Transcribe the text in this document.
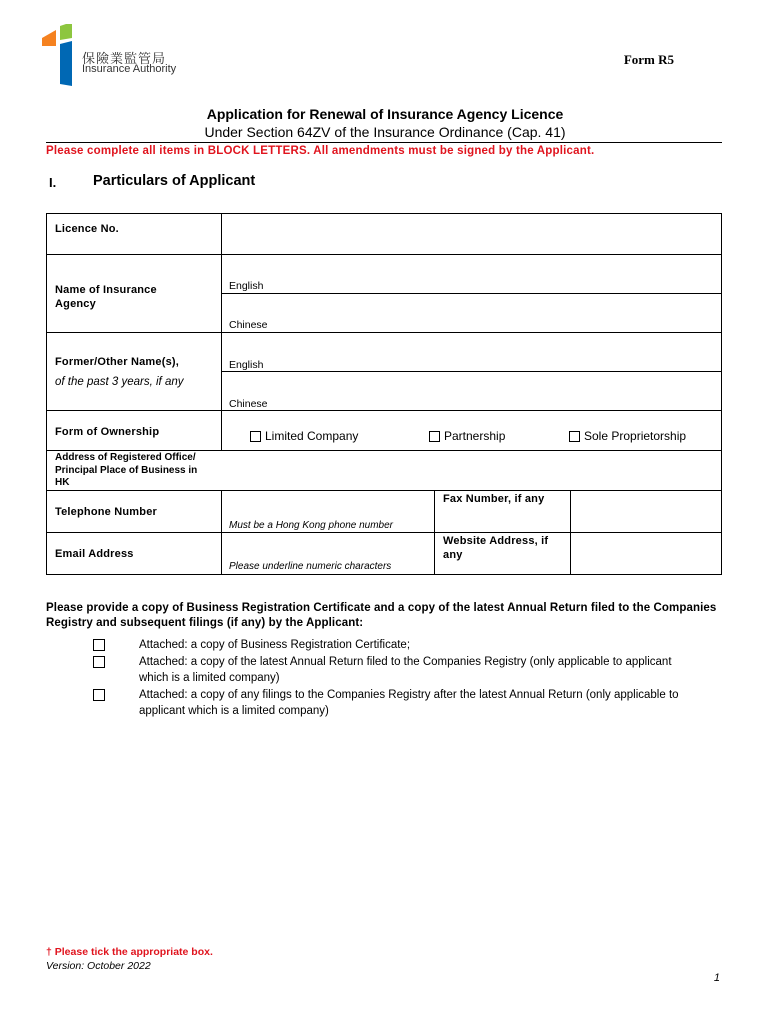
保險業監管局
Insurance Authority
Form R5
Application for Renewal of Insurance Agency Licence
Under Section 64ZV of the Insurance Ordinance (Cap. 41)
Please complete all items in BLOCK LETTERS. All amendments must be signed by the Applicant.
I.	Particulars of Applicant
Licence No.
Name of Insurance Agency
English
Chinese
Former/Other Name(s),
of the past 3 years, if any
English
Chinese
Form of Ownership	Limited Company	Partnership	Sole Proprietorship
Address of Registered Office/ Principal Place of Business in HK
Telephone Number
Must be a Hong Kong phone number
Fax Number, if any
Email Address
Please underline numeric characters
Website Address, if any
Please provide a copy of Business Registration Certificate and a copy of the latest Annual Return filed to the Companies Registry and subsequent filings (if any) by the Applicant:
Attached: a copy of Business Registration Certificate;
Attached: a copy of the latest Annual Return filed to the Companies Registry (only applicable to applicant which is a limited company)
Attached: a copy of any filings to the Companies Registry after the latest Annual Return (only applicable to applicant which is a limited company)
† Please tick the appropriate box.
Version: October 2022
1
